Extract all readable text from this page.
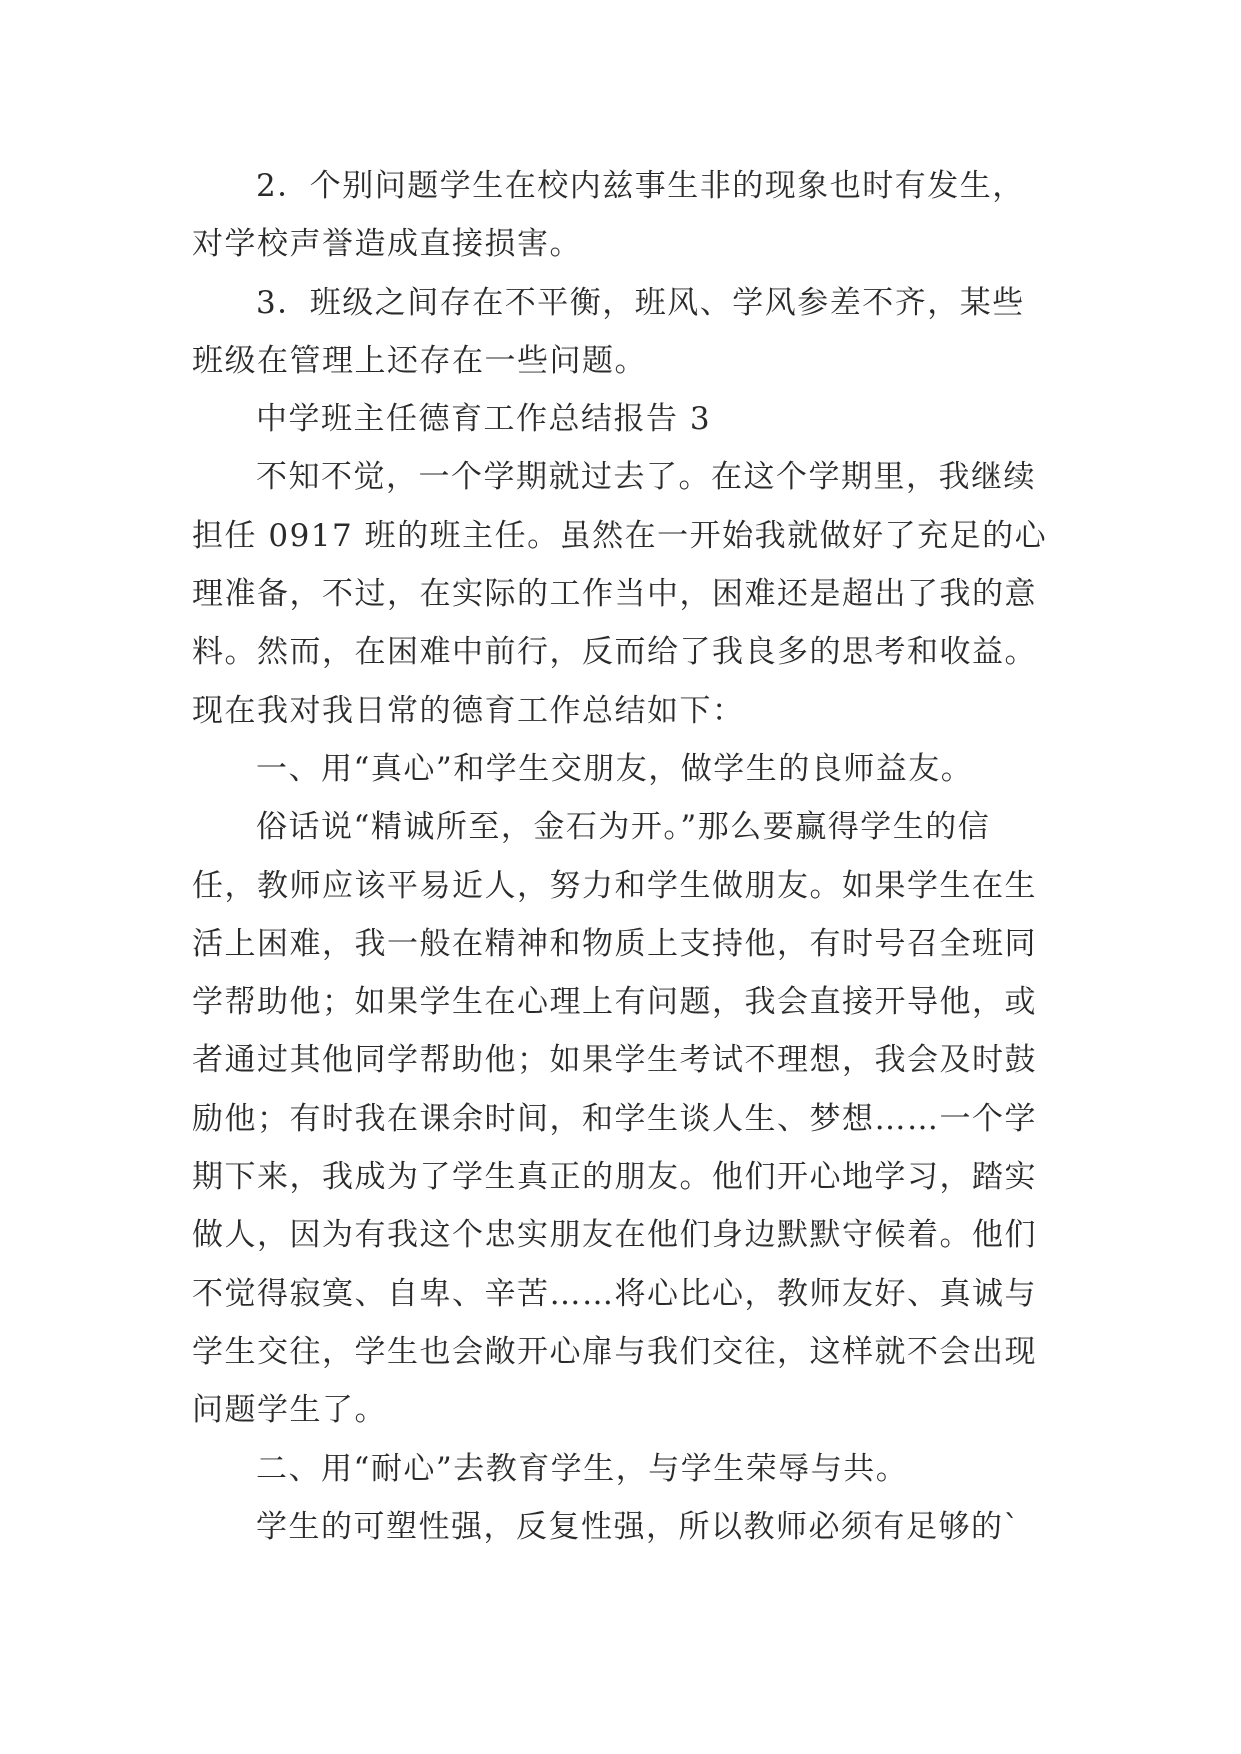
2．个别问题学生在校内兹事生非的现象也时有发生，
对学校声誉造成直接损害。
3．班级之间存在不平衡，班风、学风参差不齐，某些
班级在管理上还存在一些问题。
中学班主任德育工作总结报告 3
不知不觉，一个学期就过去了。在这个学期里，我继续
担任 0917 班的班主任。虽然在一开始我就做好了充足的心
理准备，不过，在实际的工作当中，困难还是超出了我的意
料。然而，在困难中前行，反而给了我良多的思考和收益。
现在我对我日常的德育工作总结如下：
一、用“真心”和学生交朋友，做学生的良师益友。
俗话说“精诚所至，金石为开。”那么要赢得学生的信
任，教师应该平易近人，努力和学生做朋友。如果学生在生
活上困难，我一般在精神和物质上支持他，有时号召全班同
学帮助他；如果学生在心理上有问题，我会直接开导他，或
者通过其他同学帮助他；如果学生考试不理想，我会及时鼓
励他；有时我在课余时间，和学生谈人生、梦想……一个学
期下来，我成为了学生真正的朋友。他们开心地学习，踏实
做人，因为有我这个忠实朋友在他们身边默默守候着。他们
不觉得寂寞、自卑、辛苦……将心比心，教师友好、真诚与
学生交往，学生也会敞开心扉与我们交往，这样就不会出现
问题学生了。
二、用“耐心”去教育学生，与学生荣辱与共。
学生的可塑性强，反复性强，所以教师必须有足够的`
